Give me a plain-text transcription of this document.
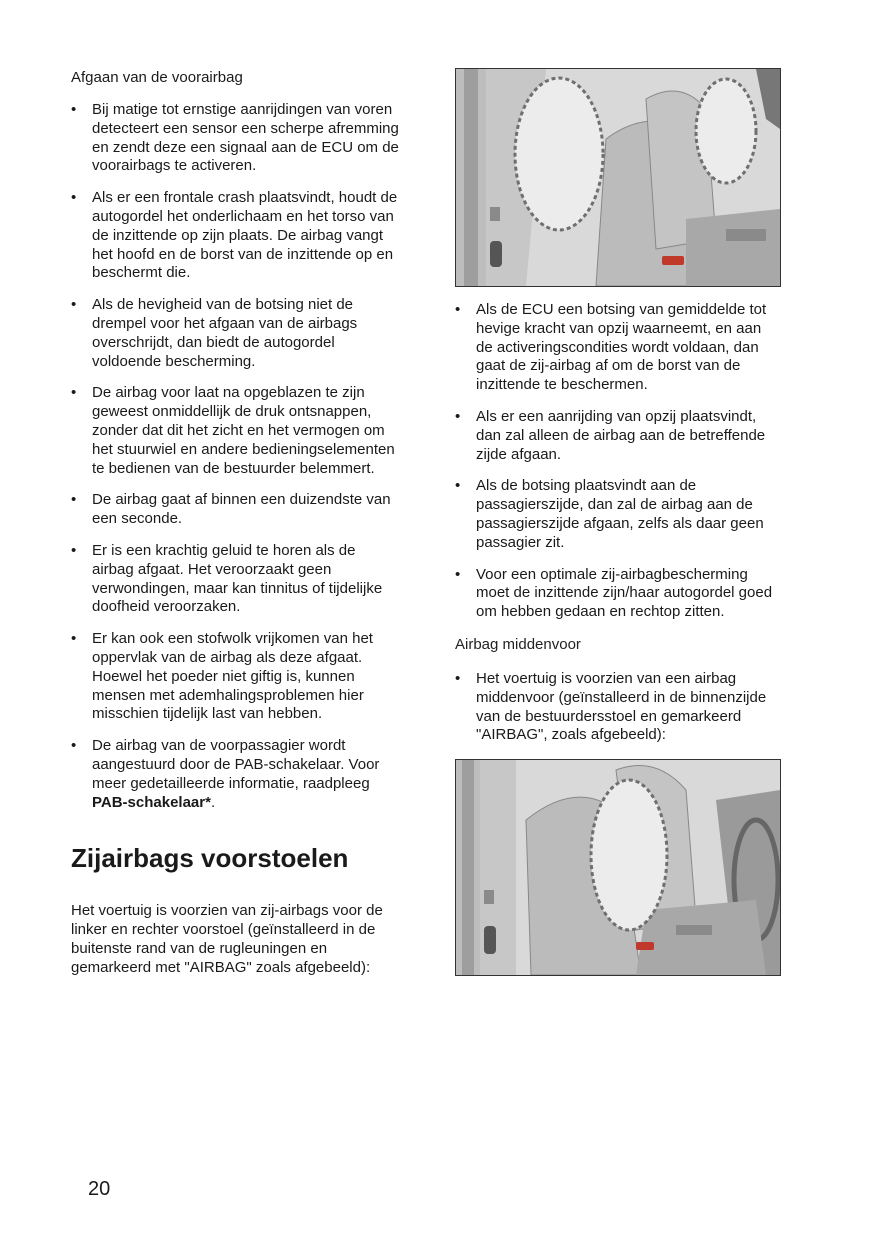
Afgaan van de voorairbag
• Bij matige tot ernstige aanrijdingen van voren detecteert een sensor een scherpe afremming en zendt deze een signaal aan de ECU om de voorairbags te activeren.
• Als er een frontale crash plaatsvindt, houdt de autogordel het onderlichaam en het torso van de inzittende op zijn plaats. De airbag vangt het hoofd en de borst van de inzittende op en beschermt die.
• Als de hevigheid van de botsing niet de drempel voor het afgaan van de airbags overschrijdt, dan biedt de autogordel voldoende bescherming.
• De airbag voor laat na opgeblazen te zijn geweest onmiddellijk de druk ontsnappen, zonder dat dit het zicht en het vermogen om het stuurwiel en andere bedieningselementen te bedienen van de bestuurder belemmert.
• De airbag gaat af binnen een duizendste van een seconde.
• Er is een krachtig geluid te horen als de airbag afgaat. Het veroorzaakt geen verwondingen, maar kan tinnitus of tijdelijke doofheid veroorzaken.
• Er kan ook een stofwolk vrijkomen van het oppervlak van de airbag als deze afgaat. Hoewel het poeder niet giftig is, kunnen mensen met ademhalingsproblemen hier misschien tijdelijk last van hebben.
• De airbag van de voorpassagier wordt aangestuurd door de PAB-schakelaar. Voor meer gedetailleerde informatie, raadpleeg PAB-schakelaar*.
Zijairbags voorstoelen

Het voertuig is voorzien van zij-airbags voor de linker en rechter voorstoel (geïnstalleerd in de buitenste rand van de rugleuningen en gemarkeerd met "AIRBAG" zoals afgebeeld):

• Als de ECU een botsing van gemiddelde tot hevige kracht van opzij waarneemt, en aan de activeringscondities wordt voldaan, dan gaat de zij-airbag af om de borst van de inzittende te beschermen.
• Als er een aanrijding van opzij plaatsvindt, dan zal alleen de airbag aan de betreffende zijde afgaan.
• Als de botsing plaatsvindt aan de passagierszijde, dan zal de airbag aan de passagierszijde afgaan, zelfs als daar geen passagier zit.
• Voor een optimale zij-airbagbescherming moet de inzittende zijn/haar autogordel goed om hebben gedaan en rechtop zitten.
Airbag middenvoor
• Het voertuig is voorzien van een airbag middenvoor (geïnstalleerd in de binnenzijde van de bestuurdersstoel en gemarkeerd "AIRBAG", zoals afgebeeld):
20
